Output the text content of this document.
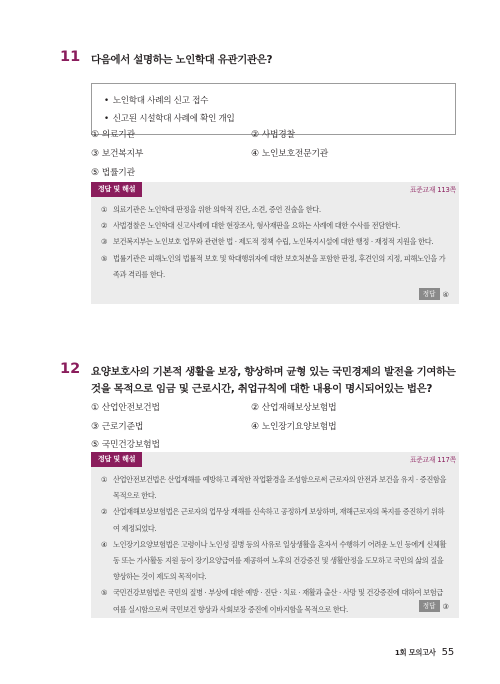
11 다음에서 설명하는 노인학대 유관기관은?
• 노인학대 사례의 신고 접수
• 신고된 시설학대 사례에 확인 개입
① 의료기관	② 사법경찰
③ 보건복지부	④ 노인보호전문기관
⑤ 법률기관
정답 및 해설	표준교재 113쪽
① 의료기관은 노인학대 판정을 위한 의학적 진단, 소견, 증언 진술을 한다.
② 사법경찰은 노인학대 신고사례에 대한 현장조사, 형사재판을 요하는 사례에 대한 수사를 전담한다.
③ 보건복지부는 노인보호 업무와 관련한 법 · 제도적 정책 수립, 노인복지시설에 대한 행정 · 재정적 지원을 한다.
⑤ 법률기관은 피해노인의 법률적 보호 및 학대행위자에 대한 보호처분을 포함한 판정, 후견인의 지정, 피해노인을 가족과 격리를 한다.
정답 ④
12 요양보호사의 기본적 생활을 보장, 향상하며 균형 있는 국민경제의 발전을 기여하는 것을 목적으로 임금 및 근로시간, 취업규칙에 대한 내용이 명시되어있는 법은?
① 산업안전보건법	② 산업재해보상보험법
③ 근로기준법	④ 노인장기요양보험법
⑤ 국민건강보험법
정답 및 해설	표준교재 117쪽
① 산업안전보건법은 산업재해를 예방하고 쾌적한 작업환경을 조성함으로써 근로자의 안전과 보건을 유지 · 증진함을 목적으로 한다.
② 산업재해보상보험법은 근로자의 업무상 재해를 신속하고 공정하게 보상하며, 재해근로자의 복지를 증진하기 위하여 제정되었다.
④ 노인장기요양보험법은 고령이나 노인성 질병 등의 사유로 일상생활을 혼자서 수행하기 어려운 노인 등에게 신체활동 또는 가사활동 지원 등이 장기요양급여를 제공하여 노후의 건강증진 및 생활안정을 도모하고 국민의 삶의 질을 향상하는 것이 제도의 목적이다.
⑤ 국민건강보험법은 국민의 질병 · 부상에 대한 예방 · 진단 · 치료 · 재활과 출산 · 사망 및 건강증진에 대하여 보험급여를 실시함으로써 국민보건 향상과 사회보장 증진에 이바지함을 목적으로 한다.	정답 ③
1회 모의고사 55
